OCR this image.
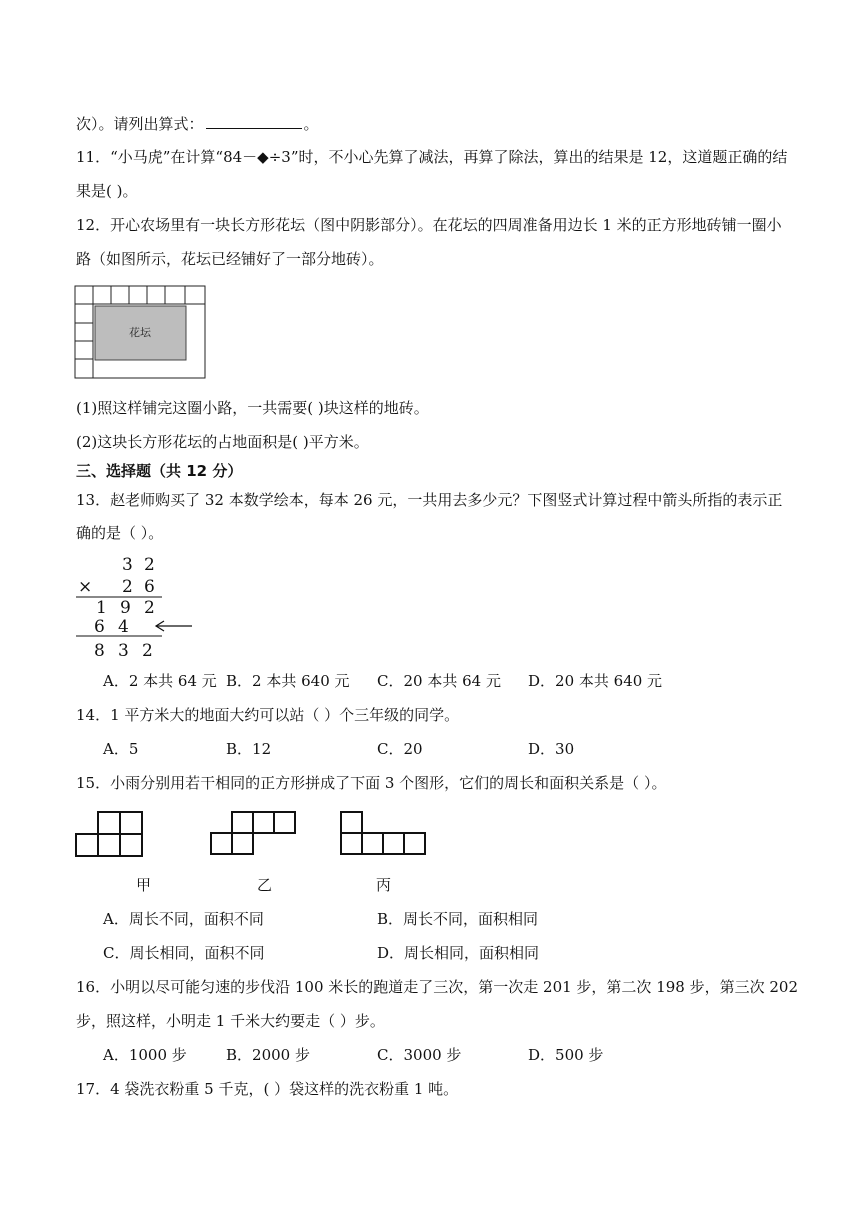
次）。请列出算式：	。
11．“小马虎”在计算“84－◆÷3”时，不小心先算了减法，再算了除法，算出的结果是 12，这道题正确的结
果是( )。
12．开心农场里有一块长方形花坛（图中阴影部分）。在花坛的四周准备用边长 1 米的正方形地砖铺一圈小
路（如图所示，花坛已经铺好了一部分地砖）。
花坛
(1)照这样铺完这圈小路，一共需要( )块这样的地砖。
(2)这块长方形花坛的占地面积是( )平方米。
三、选择题（共 12 分）
13．赵老师购买了 32 本数学绘本，每本 26 元，一共用去多少元？下图竖式计算过程中箭头所指的表示正
确的是（ ）。
3 2
× 2 6
1 9 2
6 4
8 3 2
A．2 本共 64 元 B．2 本共 640 元 C．20 本共 64 元 D．20 本共 640 元
14．1 平方米大的地面大约可以站（ ）个三年级的同学。
A．5	B．12	C．20	D．30
15．小雨分别用若干相同的正方形拼成了下面 3 个图形，它们的周长和面积关系是（ ）。
甲	乙	丙
A．周长不同，面积不同	B．周长不同，面积相同
C．周长相同，面积不同	D．周长相同，面积相同
16．小明以尽可能匀速的步伐沿 100 米长的跑道走了三次，第一次走 201 步，第二次 198 步，第三次 202
步，照这样，小明走 1 千米大约要走（ ）步。
A．1000 步	B．2000 步	C．3000 步	D．500 步
17．4 袋洗衣粉重 5 千克，( ）袋这样的洗衣粉重 1 吨。
